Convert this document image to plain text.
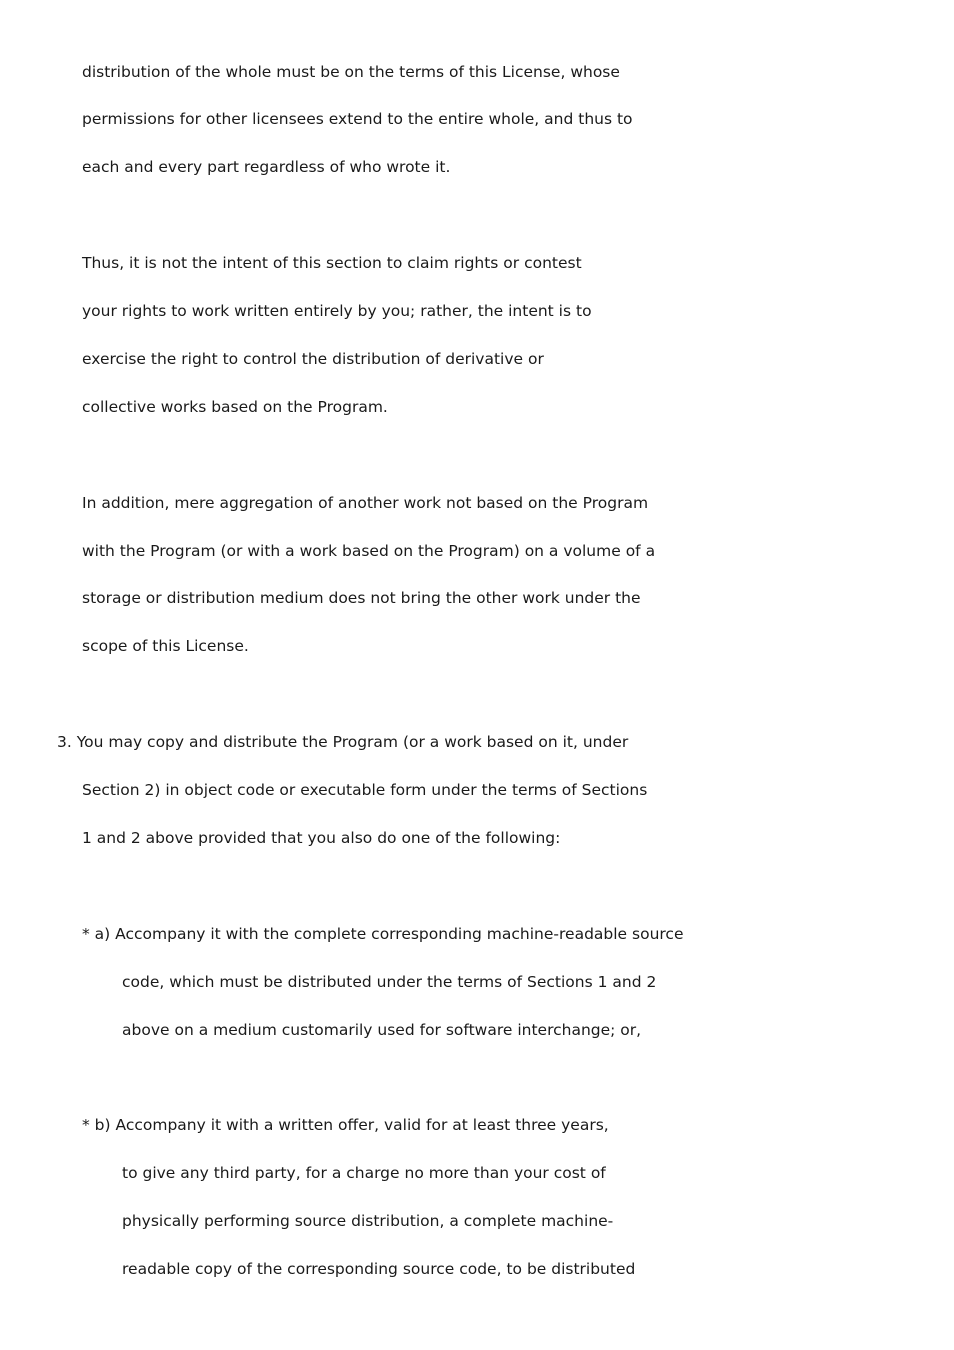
distribution of the whole must be on the terms of this License, whose
permissions for other licensees extend to the entire whole, and thus to
each and every part regardless of who wrote it.
Thus, it is not the intent of this section to claim rights or contest
your rights to work written entirely by you; rather, the intent is to
exercise the right to control the distribution of derivative or
collective works based on the Program.
In addition, mere aggregation of another work not based on the Program
with the Program (or with a work based on the Program) on a volume of a
storage or distribution medium does not bring the other work under the
scope of this License.
3. You may copy and distribute the Program (or a work based on it, under
Section 2) in object code or executable form under the terms of Sections
1 and 2 above provided that you also do one of the following:
* a) Accompany it with the complete corresponding machine-readable source
code, which must be distributed under the terms of Sections 1 and 2
above on a medium customarily used for software interchange; or,
* b) Accompany it with a written offer, valid for at least three years,
to give any third party, for a charge no more than your cost of
physically performing source distribution, a complete machine-
readable copy of the corresponding source code, to be distributed
